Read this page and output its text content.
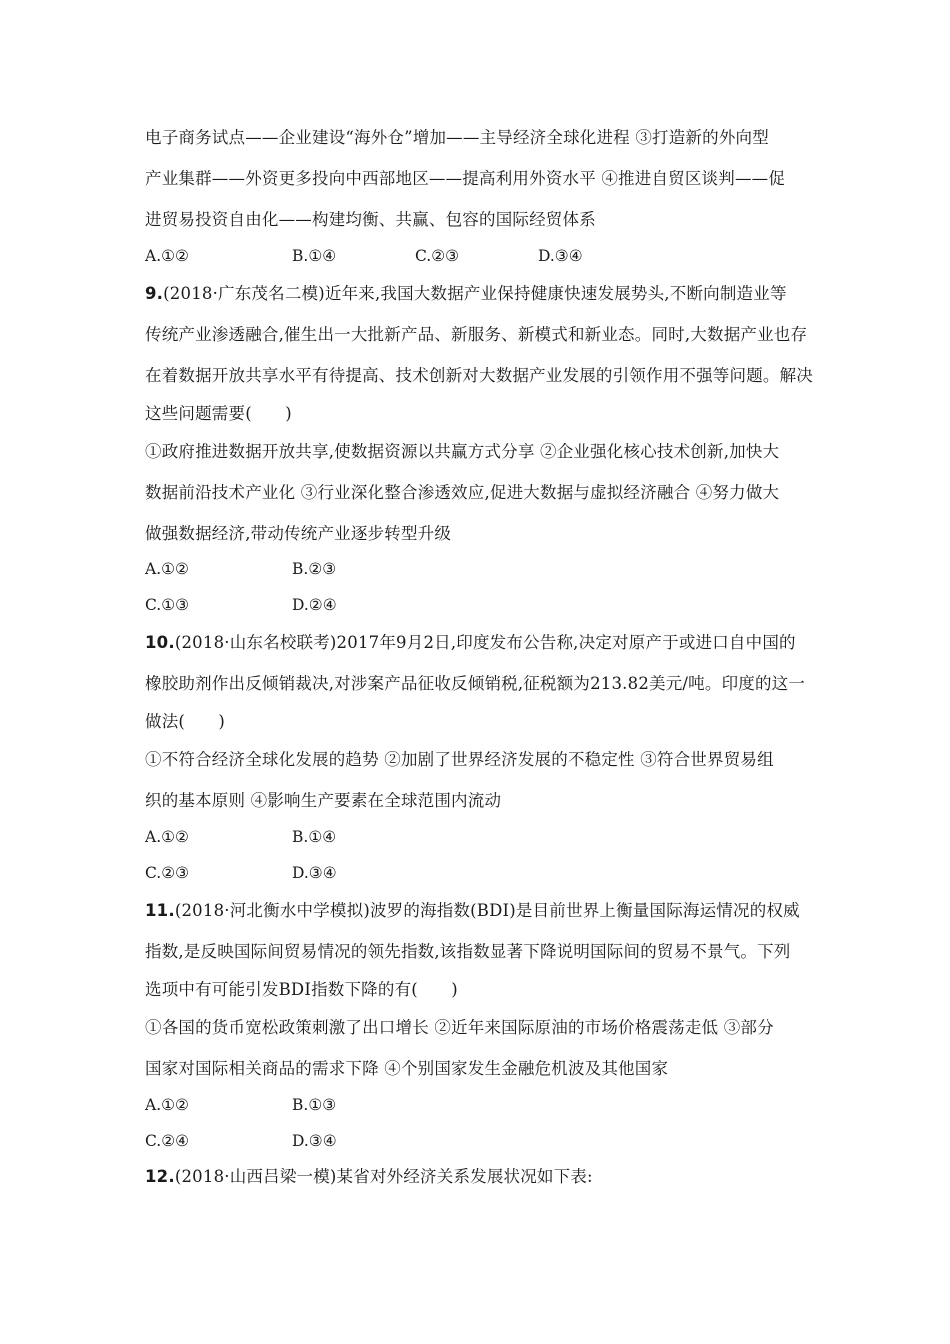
电子商务试点——企业建设“海外仓”增加——主导经济全球化进程 ③打造新的外向型
产业集群——外资更多投向中西部地区——提高利用外资水平 ④推进自贸区谈判——促
进贸易投资自由化——构建均衡、共赢、包容的国际经贸体系
A.①②	B.①④	C.②③	D.③④
9.(2018·广东茂名二模)近年来,我国大数据产业保持健康快速发展势头,不断向制造业等
传统产业渗透融合,催生出一大批新产品、新服务、新模式和新业态。同时,大数据产业也存
在着数据开放共享水平有待提高、技术创新对大数据产业发展的引领作用不强等问题。解决
这些问题需要(　　)
①政府推进数据开放共享,使数据资源以共赢方式分享 ②企业强化核心技术创新,加快大
数据前沿技术产业化 ③行业深化整合渗透效应,促进大数据与虚拟经济融合 ④努力做大
做强数据经济,带动传统产业逐步转型升级
A.①②	B.②③
C.①③	D.②④
10.(2018·山东名校联考)2017年9月2日,印度发布公告称,决定对原产于或进口自中国的
橡胶助剂作出反倾销裁决,对涉案产品征收反倾销税,征税额为213.82美元/吨。印度的这一
做法(　　)
①不符合经济全球化发展的趋势 ②加剧了世界经济发展的不稳定性 ③符合世界贸易组
织的基本原则 ④影响生产要素在全球范围内流动
A.①②	B.①④
C.②③	D.③④
11.(2018·河北衡水中学模拟)波罗的海指数(BDI)是目前世界上衡量国际海运情况的权威
指数,是反映国际间贸易情况的领先指数,该指数显著下降说明国际间的贸易不景气。下列
选项中有可能引发BDI指数下降的有(　　)
①各国的货币宽松政策刺激了出口增长 ②近年来国际原油的市场价格震荡走低 ③部分
国家对国际相关商品的需求下降 ④个别国家发生金融危机波及其他国家
A.①②	B.①③
C.②④	D.③④
12.(2018·山西吕梁一模)某省对外经济关系发展状况如下表:
